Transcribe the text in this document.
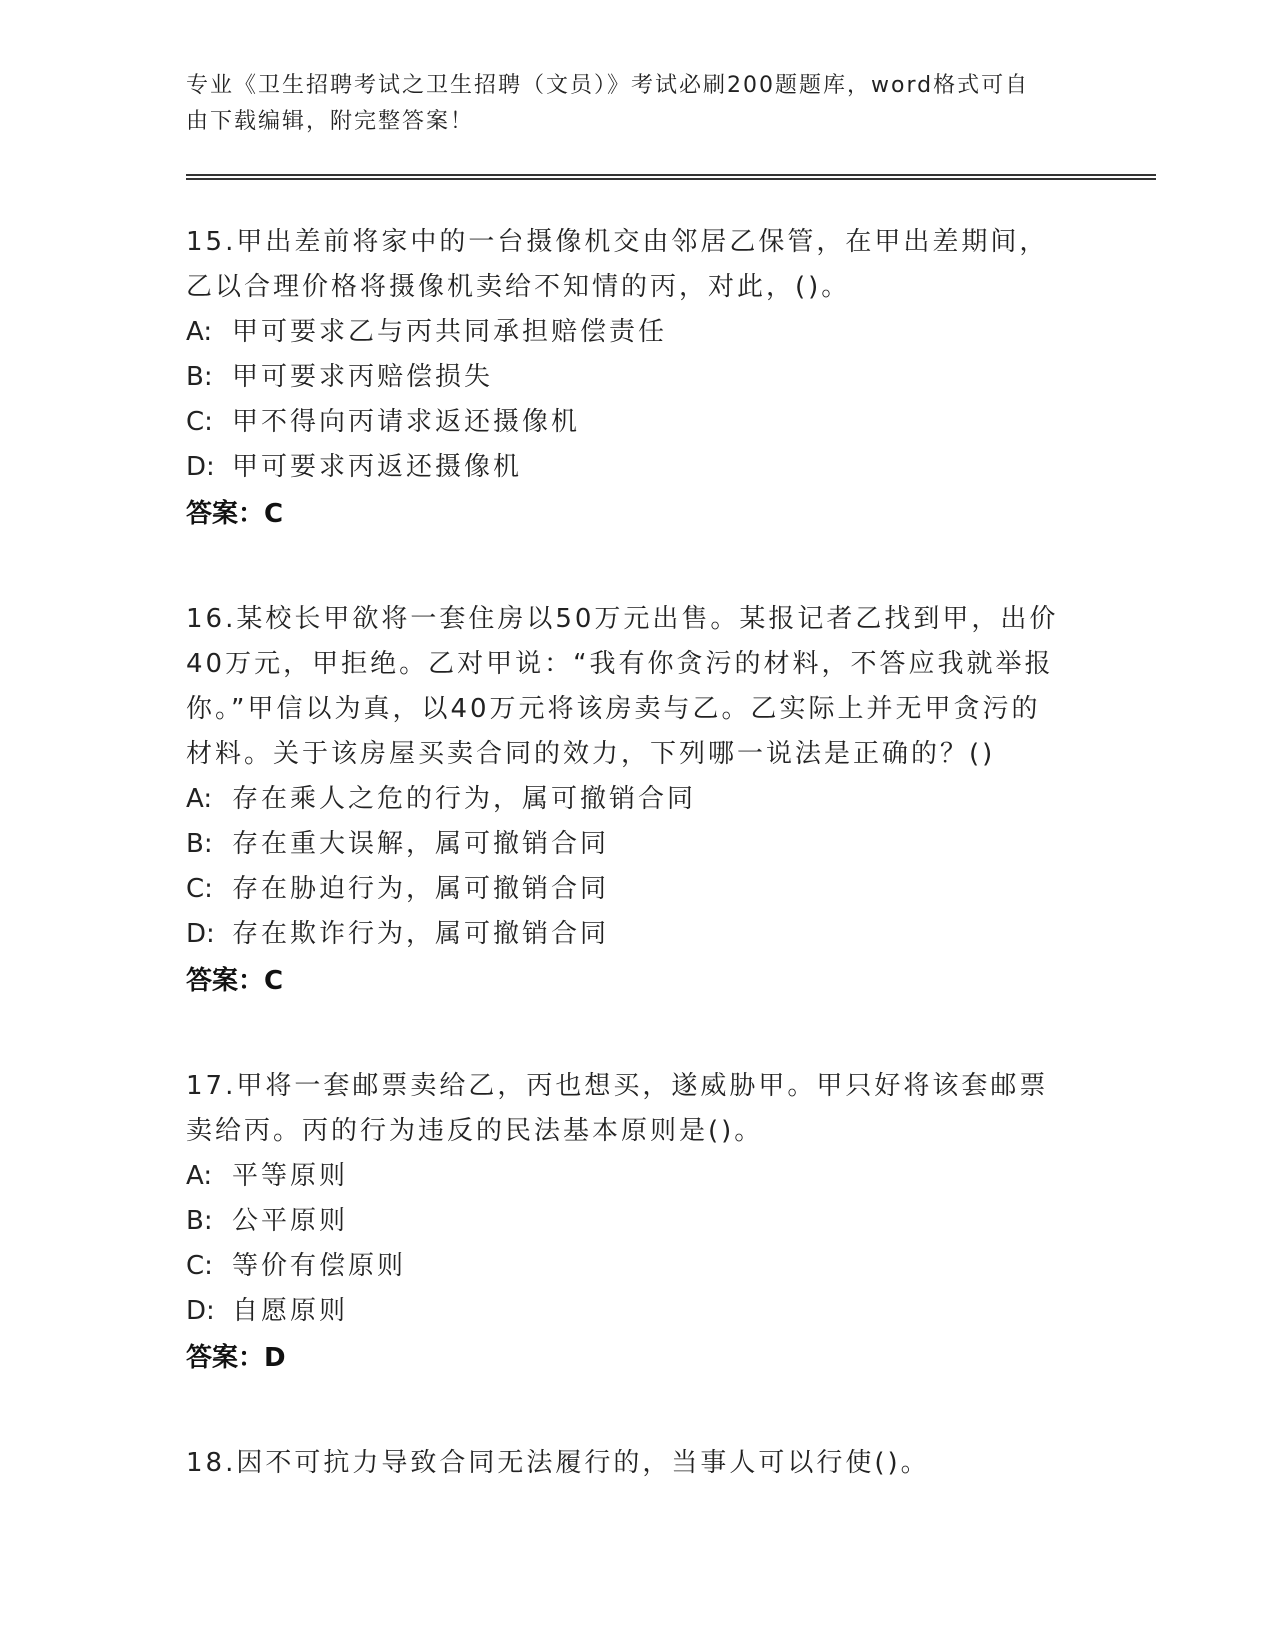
专业《卫生招聘考试之卫生招聘（文员）》考试必刷200题题库，word格式可自由下载编辑，附完整答案！

15.甲出差前将家中的一台摄像机交由邻居乙保管，在甲出差期间，乙以合理价格将摄像机卖给不知情的丙，对此，()。

A: 甲可要求乙与丙共同承担赔偿责任

B: 甲可要求丙赔偿损失

C: 甲不得向丙请求返还摄像机

D: 甲可要求丙返还摄像机

答案：C

16.某校长甲欲将一套住房以50万元出售。某报记者乙找到甲，出价40万元，甲拒绝。乙对甲说：“我有你贪污的材料，不答应我就举报你。”甲信以为真，以40万元将该房卖与乙。乙实际上并无甲贪污的材料。关于该房屋买卖合同的效力，下列哪一说法是正确的？()

A: 存在乘人之危的行为，属可撤销合同

B: 存在重大误解，属可撤销合同

C: 存在胁迫行为，属可撤销合同

D: 存在欺诈行为，属可撤销合同

答案：C

17.甲将一套邮票卖给乙，丙也想买，遂威胁甲。甲只好将该套邮票卖给丙。丙的行为违反的民法基本原则是()。

A: 平等原则

B: 公平原则

C: 等价有偿原则

D: 自愿原则

答案：D

18.因不可抗力导致合同无法履行的，当事人可以行使()。
